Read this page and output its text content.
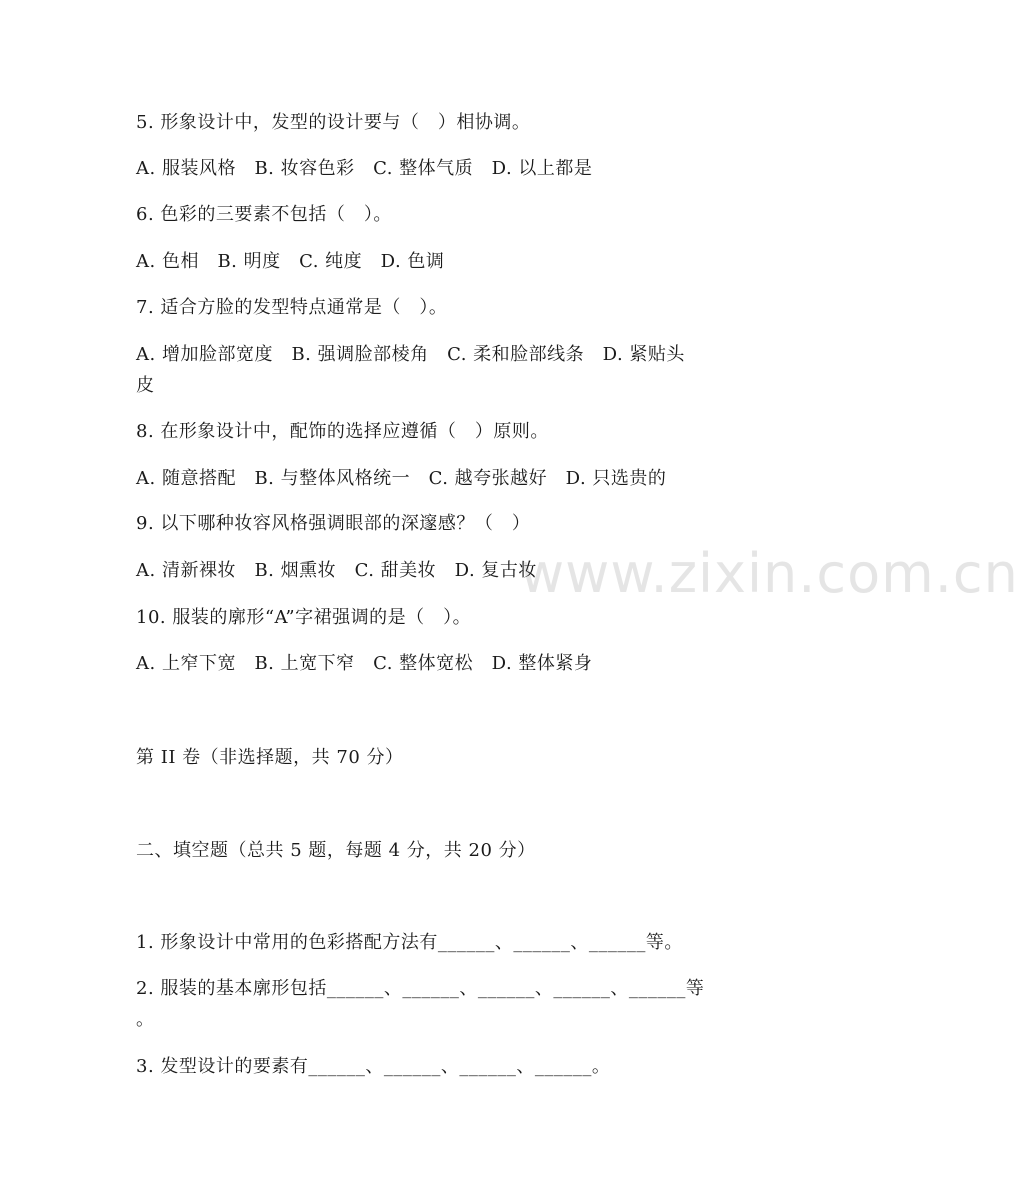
www.zixin.com.cn
5. 形象设计中，发型的设计要与（　）相协调。
A. 服装风格　B. 妆容色彩　C. 整体气质　D. 以上都是
6. 色彩的三要素不包括（　）。
A. 色相　B. 明度　C. 纯度　D. 色调
7. 适合方脸的发型特点通常是（　）。
A. 增加脸部宽度　B. 强调脸部棱角　C. 柔和脸部线条　D. 紧贴头
皮
8. 在形象设计中，配饰的选择应遵循（　）原则。
A. 随意搭配　B. 与整体风格统一　C. 越夸张越好　D. 只选贵的
9. 以下哪种妆容风格强调眼部的深邃感？（　）
A. 清新裸妆　B. 烟熏妆　C. 甜美妆　D. 复古妆
10. 服装的廓形“A”字裙强调的是（　）。
A. 上窄下宽　B. 上宽下窄　C. 整体宽松　D. 整体紧身
第 II 卷（非选择题，共 70 分）
二、填空题（总共 5 题，每题 4 分，共 20 分）
1. 形象设计中常用的色彩搭配方法有______、______、______等。
2. 服装的基本廓形包括______、______、______、______、______等
。
3. 发型设计的要素有______、______、______、______。
